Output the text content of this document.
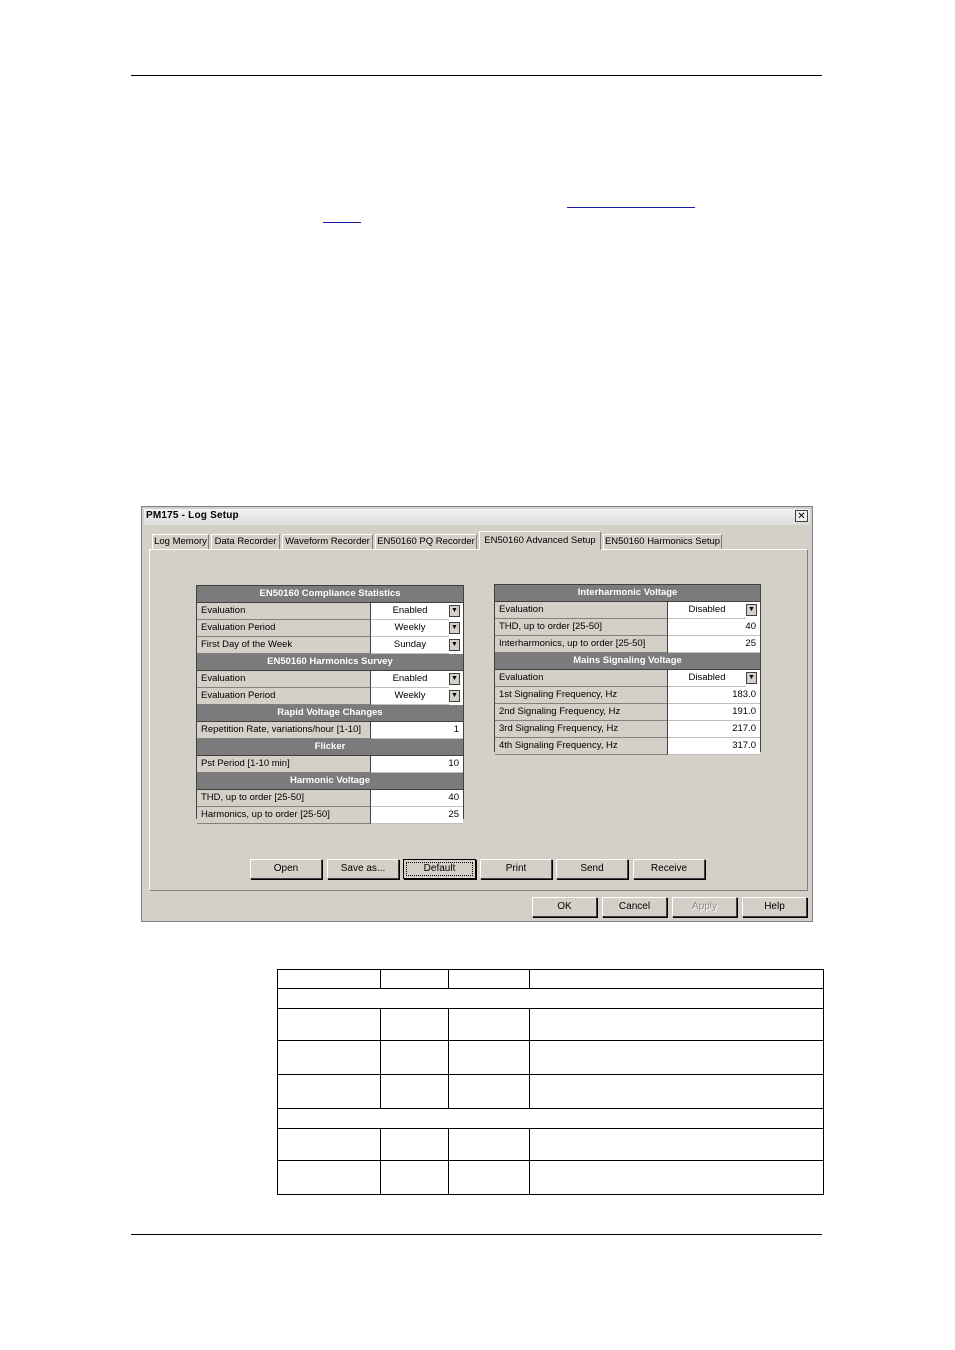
PM175 - Log Setup	✕
Log Memory Data Recorder Waveform Recorder EN50160 PQ Recorder EN50160 Advanced Setup EN50160 Harmonics Setup
EN50160 Compliance Statistics
Evaluation	Enabled	▼
Evaluation Period	Weekly	▼
First Day of the Week	Sunday	▼
EN50160 Harmonics Survey
Evaluation	Enabled	▼
Evaluation Period	Weekly	▼
Rapid Voltage Changes
Repetition Rate, variations/hour [1-10]	1
Flicker
Pst Period [1-10 min]	10
Harmonic Voltage
THD, up to order [25-50]	40
Harmonics, up to order [25-50]	25
Interharmonic Voltage
Evaluation	Disabled	▼
THD, up to order [25-50]	40
Interharmonics, up to order [25-50]	25
Mains Signaling Voltage
Evaluation	Disabled	▼
1st Signaling Frequency, Hz	183.0
2nd Signaling Frequency, Hz	191.0
3rd Signaling Frequency, Hz	217.0
4th Signaling Frequency, Hz	317.0
Open	Save as...	Default	Print	Send	Receive
OK	Cancel	Apply	Help
